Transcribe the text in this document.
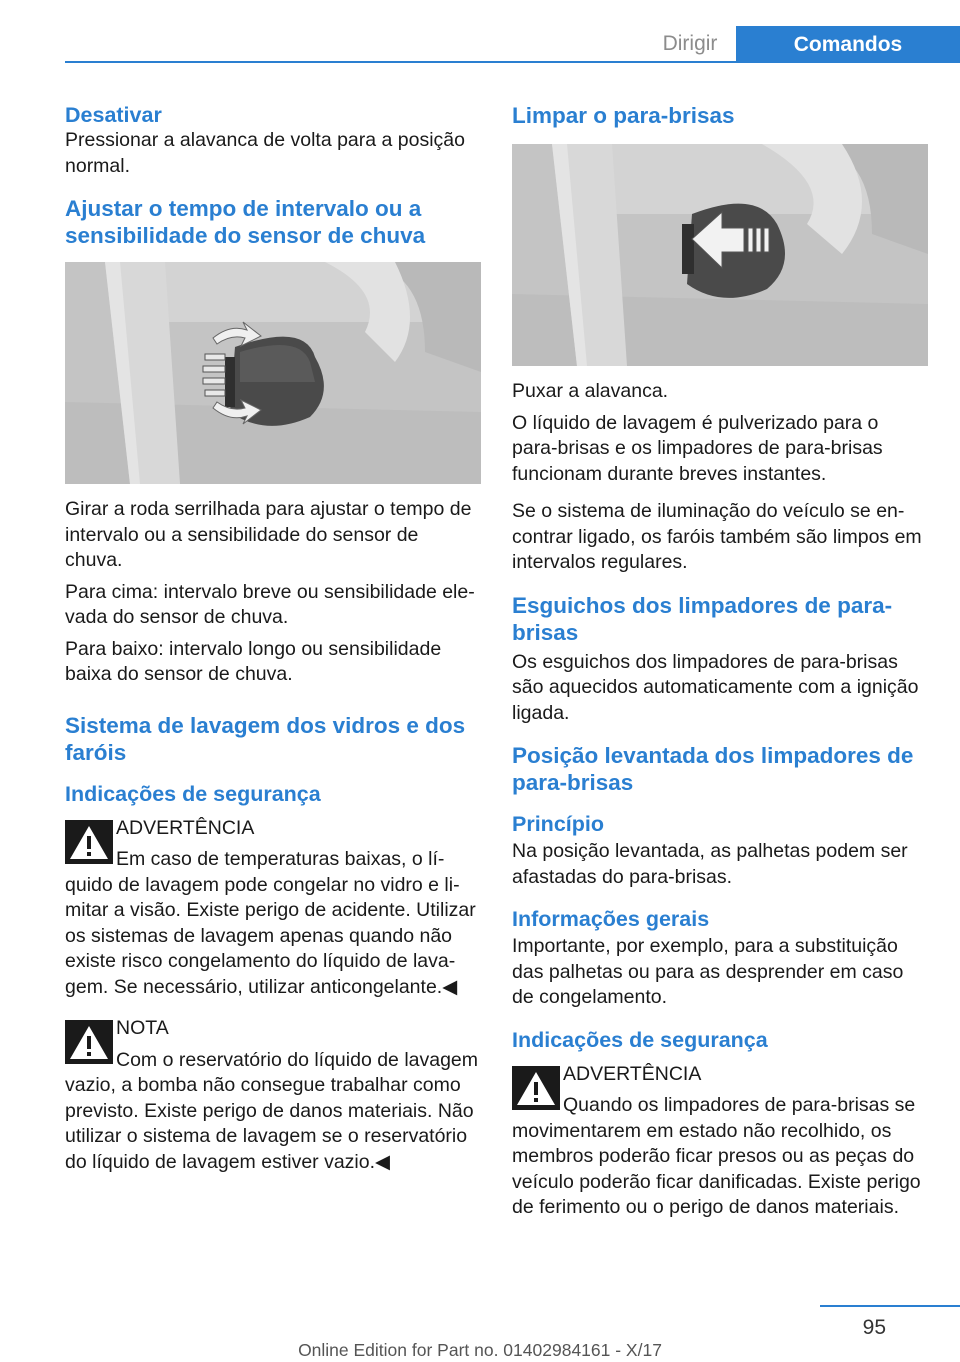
Dirigir	Comandos
Desativar

Pressionar a alavanca de volta para a posição normal.

Ajustar o tempo de intervalo ou a sensibilidade do sensor de chuva

Girar a roda serrilhada para ajustar o tempo de intervalo ou a sensibilidade do sensor de chuva.

Para cima: intervalo breve ou sensibilidade elevada do sensor de chuva.

Para baixo: intervalo longo ou sensibilidade baixa do sensor de chuva.

Sistema de lavagem dos vidros e dos faróis
Indicações de segurança
ADVERTÊNCIA

Em caso de temperaturas baixas, o líquido de lavagem pode congelar no vidro e limitar a visão. Existe perigo de acidente. Utilizar os sistemas de lavagem apenas quando não existe risco congelamento do líquido de lavagem. Se necessário, utilizar anticongelante.◀

NOTA

Com o reservatório do líquido de lavagem vazio, a bomba não consegue trabalhar como previsto. Existe perigo de danos materiais. Não utilizar o sistema de lavagem se o reservatório do líquido de lavagem estiver vazio.◀

Limpar o para-brisas

Puxar a alavanca.

O líquido de lavagem é pulverizado para o para-brisas e os limpadores de para-brisas funcionam durante breves instantes.

Se o sistema de iluminação do veículo se encontrar ligado, os faróis também são limpos em intervalos regulares.

Esguichos dos limpadores de parabrisas

Os esguichos dos limpadores de para-brisas são aquecidos automaticamente com a ignição ligada.

Posição levantada dos limpadores de para-brisas
Princípio

Na posição levantada, as palhetas podem ser afastadas do para-brisas.

Informações gerais

Importante, por exemplo, para a substituição das palhetas ou para as desprender em caso de congelamento.

Indicações de segurança
ADVERTÊNCIA

Quando os limpadores de para-brisas se movimentarem em estado não recolhido, os membros poderão ficar presos ou as peças do veículo poderão ficar danificadas. Existe perigo de ferimento ou o perigo de danos materiais.

95
Online Edition for Part no. 01402984161 - X/17
